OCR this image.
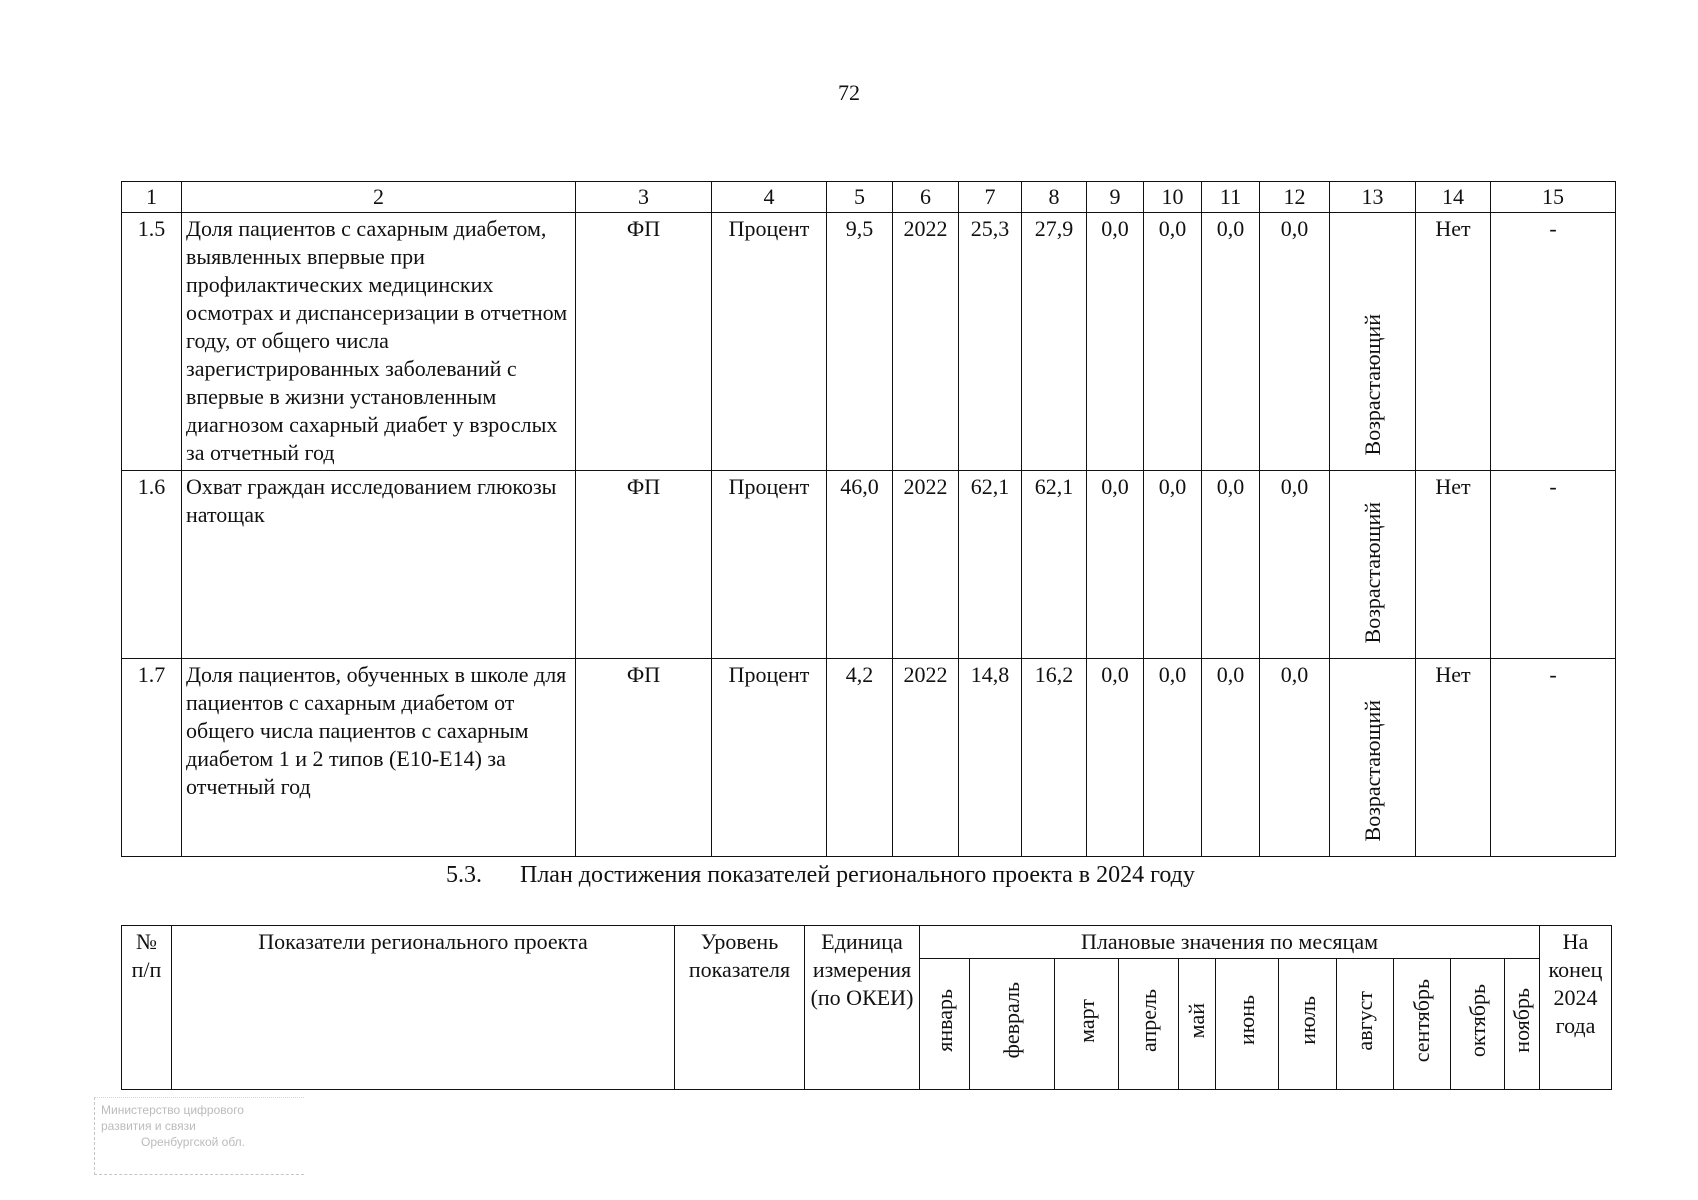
72
1	2	3	4	5	6	7	8	9	10	11	12	13	14	15
1.5	Доля пациентов с сахарным диабетом, выявленных впервые при профилактических медицинских осмотрах и диспансеризации в отчетном году, от общего числа зарегистрированных заболеваний с впервые в жизни установленным диагнозом сахарный диабет у взрослых за отчетный год	ФП	Процент	9,5	2022	25,3	27,9	0,0	0,0	0,0	0,0	Возрастающий	Нет	-
1.6	Охват граждан исследованием глюкозы натощак	ФП	Процент	46,0	2022	62,1	62,1	0,0	0,0	0,0	0,0	Возрастающий	Нет	-
1.7	Доля пациентов, обученных в школе для пациентов с сахарным диабетом от общего числа пациентов с сахарным диабетом 1 и 2 типов (Е10-Е14) за отчетный год	ФП	Процент	4,2	2022	14,8	16,2	0,0	0,0	0,0	0,0	Возрастающий	Нет	-
5.3. План достижения показателей регионального проекта в 2024 году
№ п/п	Показатели регионального проекта	Уровень показателя	Единица измерения (по ОКЕИ)	Плановые значения по месяцам											На конец 2024 года
				январь	февраль	март	апрель	май	июнь	июль	август	сентябрь	октябрь	ноябрь	
Министерство цифрового
развития и связи
Оренбургской обл.
